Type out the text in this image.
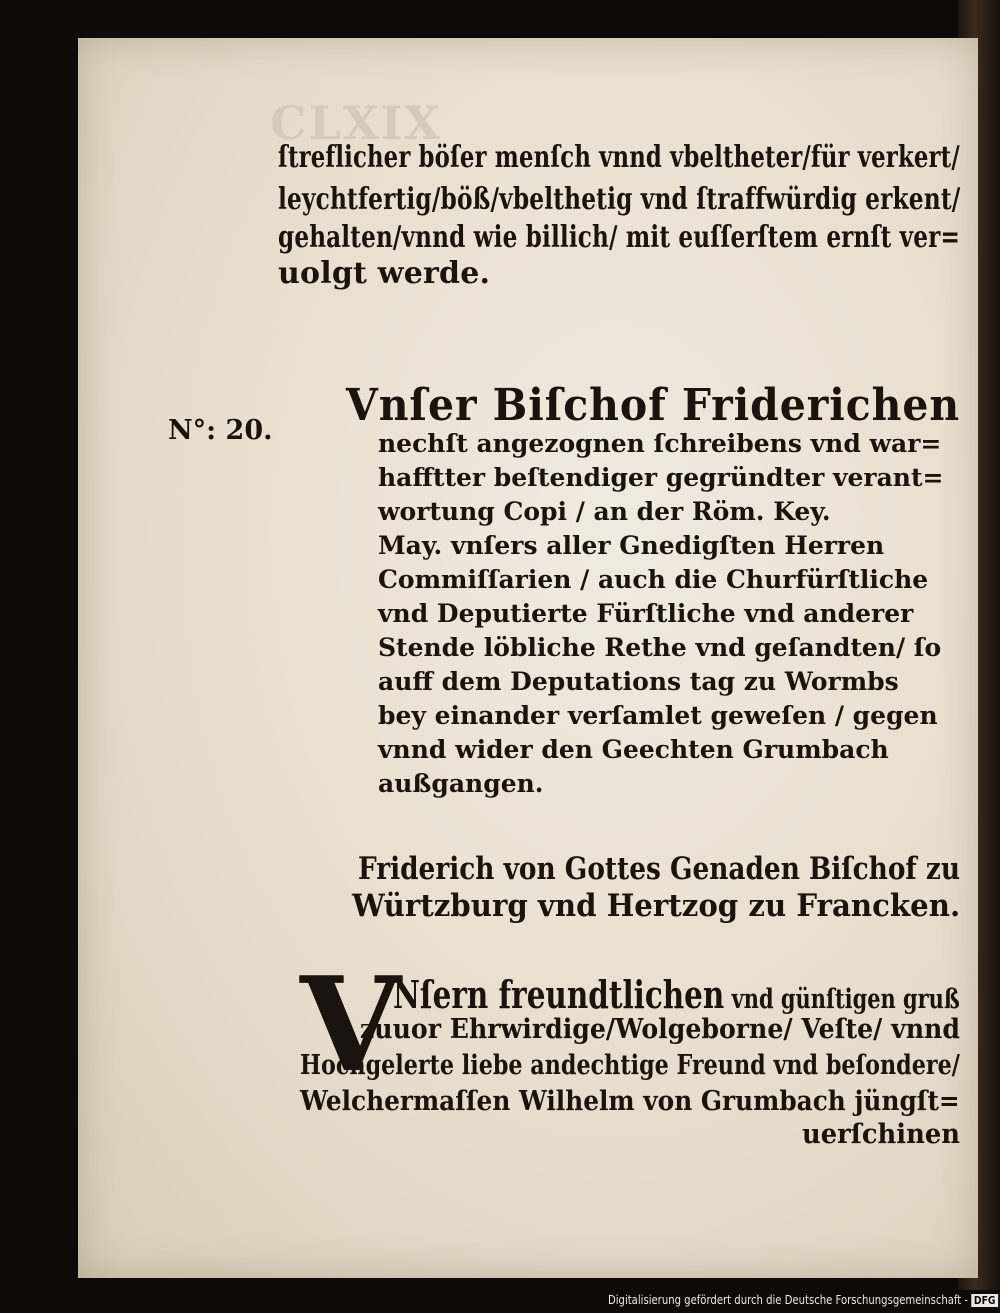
CLXIX
ſtreflicher böſer menſch vnnd vbeltheter/für verkert/
leychtfertig/böß/vbelthetig vnd ſtraffwürdig erkent/
gehalten/vnnd wie billich/ mit euſſerſtem ernſt ver=
uolgt werde.
N°: 20. Vnſer Biſchof Friderichen
nechſt angezognen ſchreibens vnd war=
hafftter beſtendiger gegründter verant=
wortung Copi / an der Röm. Key.
May. vnſers aller Gnedigſten Herren
Commiſſarien / auch die Churfürſtliche
vnd Deputierte Fürſtliche vnd anderer
Stende löbliche Rethe vnd geſandten/ ſo
auff dem Deputations tag zu Wormbs
bey einander verſamlet geweſen / gegen
vnnd wider den Geechten Grumbach
außgangen.
Friderich von Gottes Genaden Biſchof zu
Würtzburg vnd Hertzog zu Francken.
V
Nſern freundtlichen vnd günſtigen gruß
zuuor Ehrwirdige/Wolgeborne/ Veſte/ vnnd
Hochgelerte liebe andechtige Freund vnd beſondere/
Welchermaſſen Wilhelm von Grumbach jüngſt=
uerſchinen
Digitalisierung gefördert durch die Deutsche Forschungsgemeinschaft - DFG
